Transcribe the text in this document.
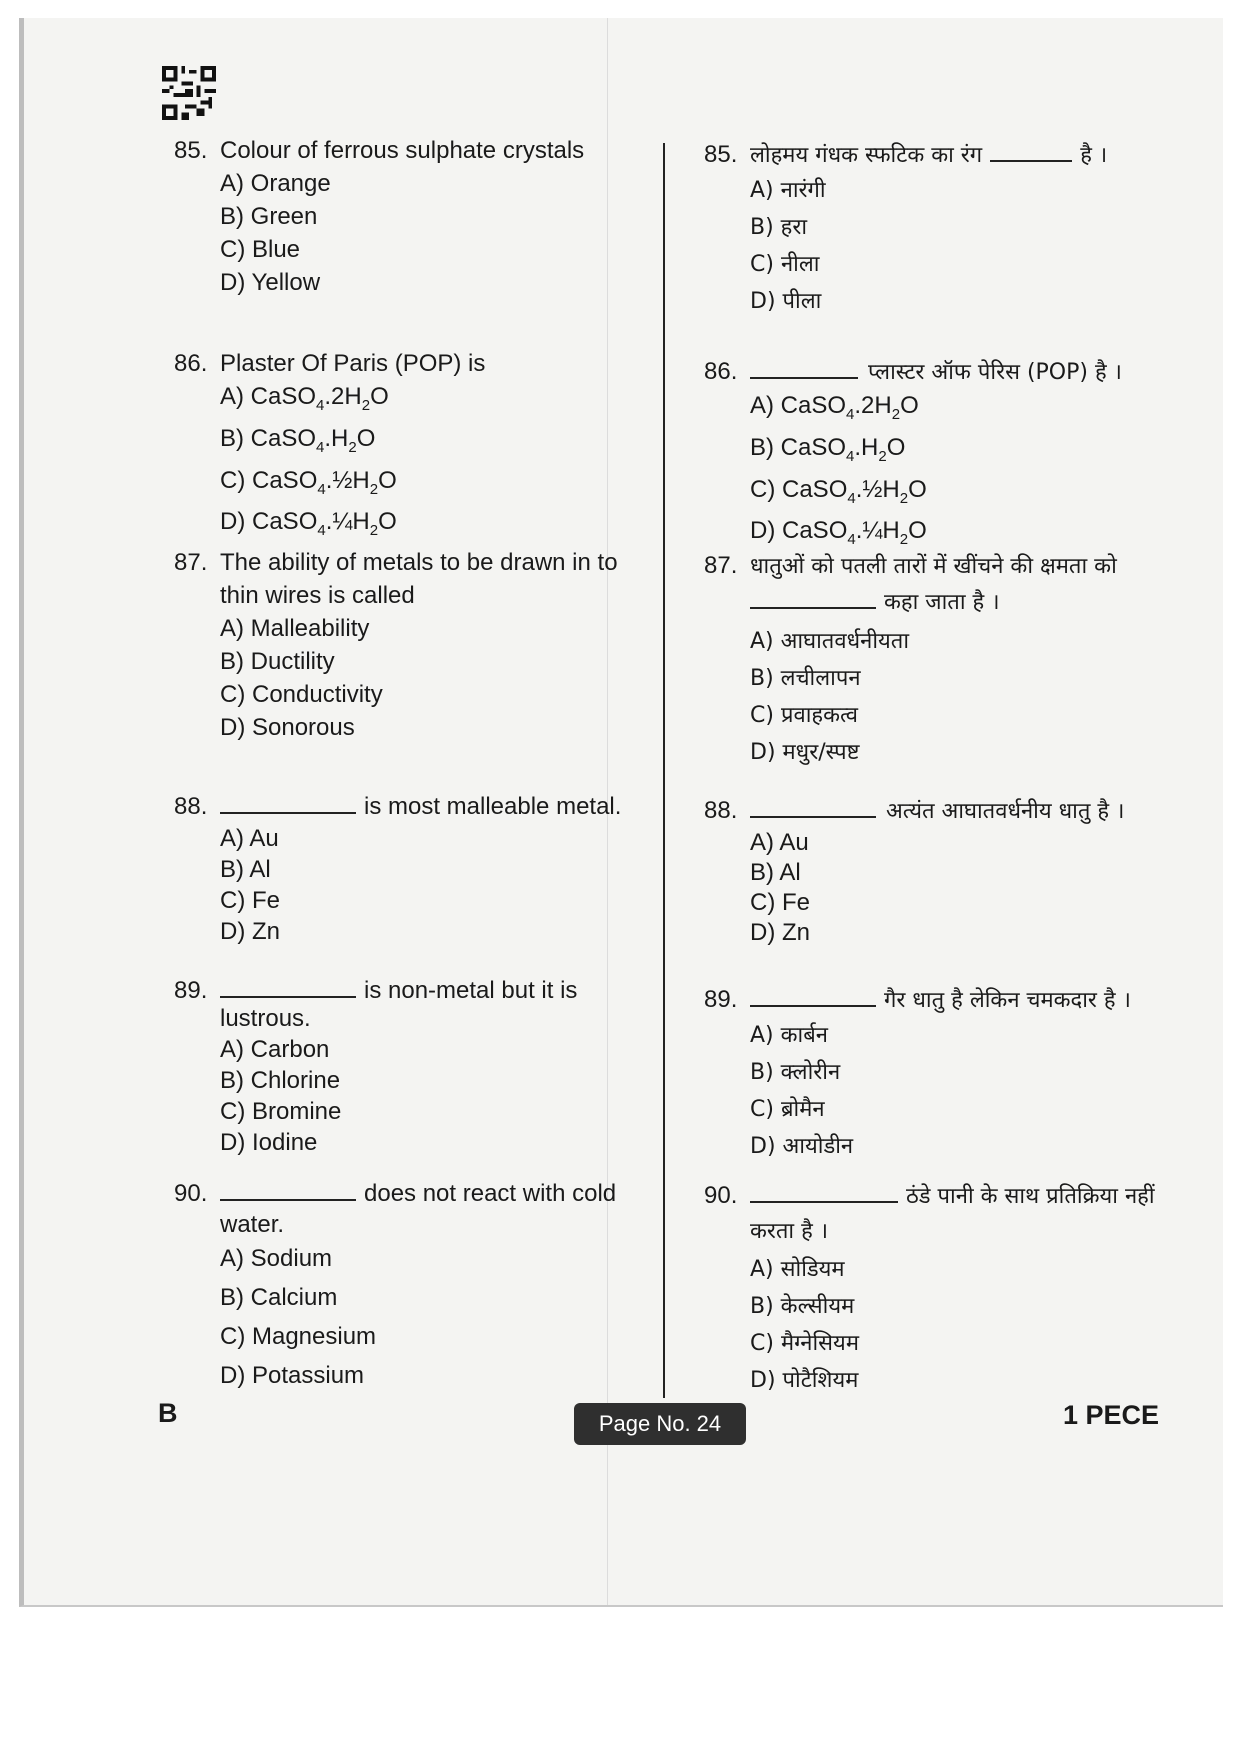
85. Colour of ferrous sulphate crystals
A) Orange
B) Green
C) Blue
D) Yellow
86. Plaster Of Paris (POP) is
A) $CaSO_4.2H_2O$
B) $CaSO_4.H_2O$
C) $CaSO_4.\frac{1}{2}H_2O$
D) $CaSO_4.\frac{1}{4}H_2O$
87. The ability of metals to be drawn in to
thin wires is called
A) Malleability
B) Ductility
C) Conductivity
D) Sonorous
88.	is most malleable metal.
A) Au
B) Al
C) Fe
D) Zn
89.	is non-metal but it is
lustrous.
A) Carbon
B) Chlorine
C) Bromine
D) Iodine
90.	does not react with cold
water.
A) Sodium
B) Calcium
C) Magnesium
D) Potassium
85. लोहमय गंधक स्फटिक का रंग	है ।
A) नारंगी
B) हरा
C) नीला
D) पीला
86.	प्लास्टर ऑफ पेरिस (POP) है ।
A) $CaSO_4.2H_2O$
B) $CaSO_4.H_2O$
C) $CaSO_4.\frac{1}{2}H_2O$
D) $CaSO_4.\frac{1}{4}H_2O$
87. धातुओं को पतली तारों में खींचने की क्षमता को
कहा जाता है ।
A) आघातवर्धनीयता
B) लचीलापन
C) प्रवाहकत्व
D) मधुर/स्पष्ट
88.	अत्यंत आघातवर्धनीय धातु है ।
A) Au
B) Al
C) Fe
D) Zn
89.	गैर धातु है लेकिन चमकदार है ।
A) कार्बन
B) क्लोरीन
C) ब्रोमैन
D) आयोडीन
90.	ठंडे पानी के साथ प्रतिक्रिया नहीं
करता है ।
A) सोडियम
B) केल्सीयम
C) मैग्नेसियम
D) पोटैशियम
B	Page No. 24	1 PECE
